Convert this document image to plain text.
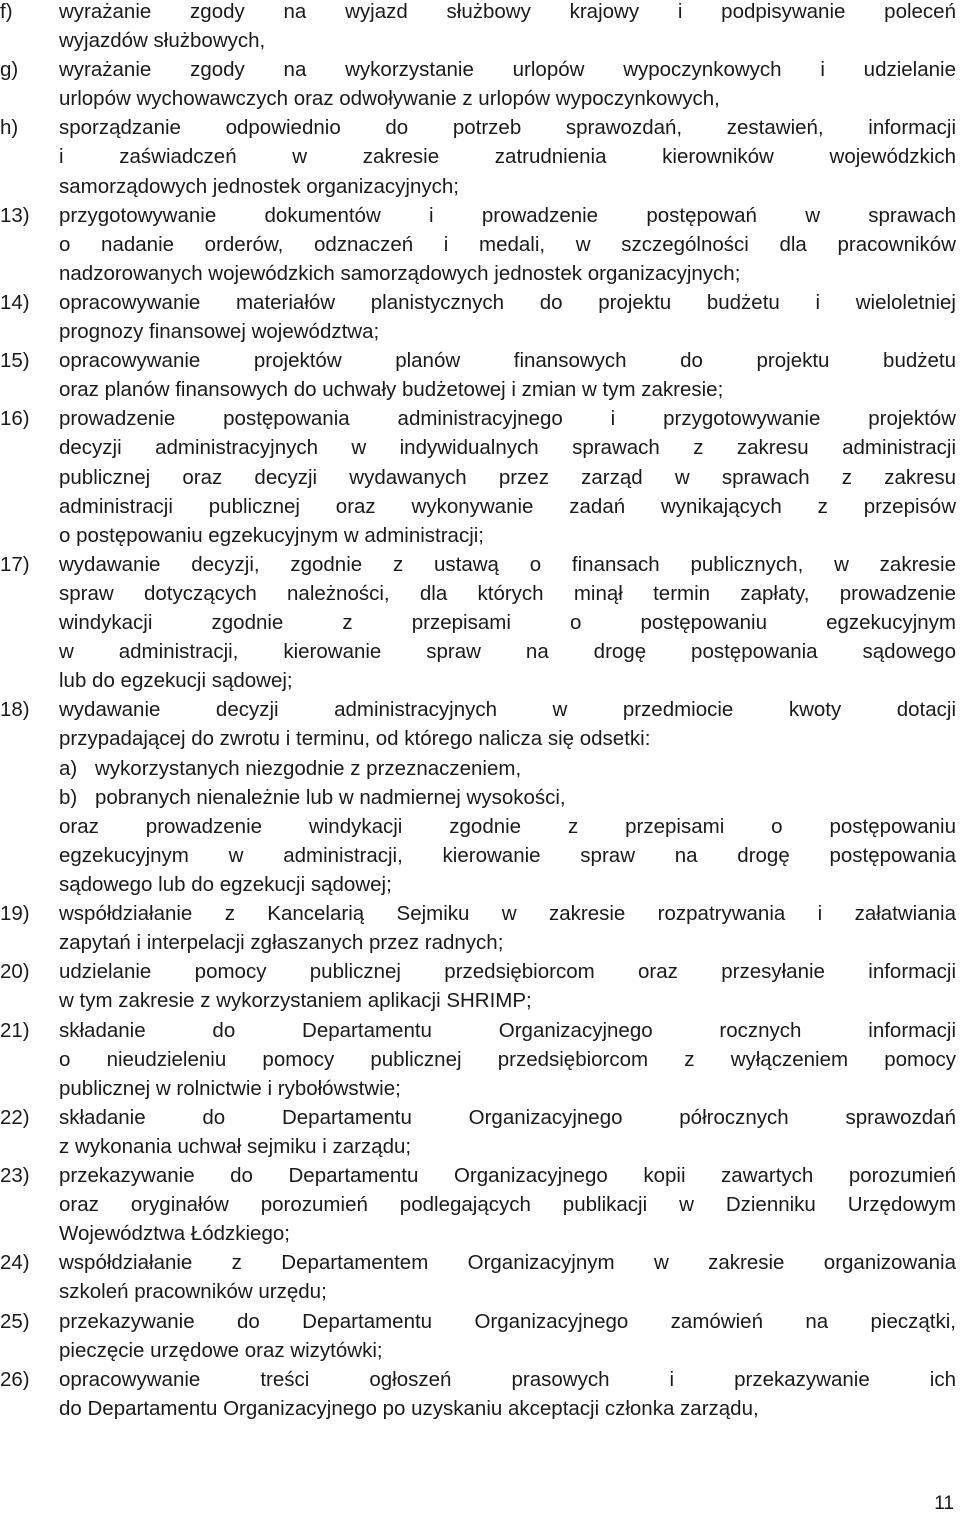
f) wyrażanie zgody na wyjazd służbowy krajowy i podpisywanie poleceń
wyjazdów służbowych,
g) wyrażanie zgody na wykorzystanie urlopów wypoczynkowych i udzielanie
urlopów wychowawczych oraz odwoływanie z urlopów wypoczynkowych,
h) sporządzanie odpowiednio do potrzeb sprawozdań, zestawień, informacji
i zaświadczeń w zakresie zatrudnienia kierowników wojewódzkich
samorządowych jednostek organizacyjnych;
13) przygotowywanie dokumentów i prowadzenie postępowań w sprawach
o nadanie orderów, odznaczeń i medali, w szczególności dla pracowników
nadzorowanych wojewódzkich samorządowych jednostek organizacyjnych;
14) opracowywanie materiałów planistycznych do projektu budżetu i wieloletniej
prognozy finansowej województwa;
15) opracowywanie projektów planów finansowych do projektu budżetu
oraz planów finansowych do uchwały budżetowej i zmian w tym zakresie;
16) prowadzenie postępowania administracyjnego i przygotowywanie projektów
decyzji administracyjnych w indywidualnych sprawach z zakresu administracji
publicznej oraz decyzji wydawanych przez zarząd w sprawach z zakresu
administracji publicznej oraz wykonywanie zadań wynikających z przepisów
o postępowaniu egzekucyjnym w administracji;
17) wydawanie decyzji, zgodnie z ustawą o finansach publicznych, w zakresie
spraw dotyczących należności, dla których minął termin zapłaty, prowadzenie
windykacji zgodnie z przepisami o postępowaniu egzekucyjnym
w administracji, kierowanie spraw na drogę postępowania sądowego
lub do egzekucji sądowej;
18) wydawanie decyzji administracyjnych w przedmiocie kwoty dotacji
przypadającej do zwrotu i terminu, od którego nalicza się odsetki:
a) wykorzystanych niezgodnie z przeznaczeniem,
b) pobranych nienależnie lub w nadmiernej wysokości,
oraz prowadzenie windykacji zgodnie z przepisami o postępowaniu
egzekucyjnym w administracji, kierowanie spraw na drogę postępowania
sądowego lub do egzekucji sądowej;
19) współdziałanie z Kancelarią Sejmiku w zakresie rozpatrywania i załatwiania
zapytań i interpelacji zgłaszanych przez radnych;
20) udzielanie pomocy publicznej przedsiębiorcom oraz przesyłanie informacji
w tym zakresie z wykorzystaniem aplikacji SHRIMP;
21) składanie do Departamentu Organizacyjnego rocznych informacji
o nieudzieleniu pomocy publicznej przedsiębiorcom z wyłączeniem pomocy
publicznej w rolnictwie i rybołówstwie;
22) składanie do Departamentu Organizacyjnego półrocznych sprawozdań
z wykonania uchwał sejmiku i zarządu;
23) przekazywanie do Departamentu Organizacyjnego kopii zawartych porozumień
oraz oryginałów porozumień podlegających publikacji w Dzienniku Urzędowym
Województwa Łódzkiego;
24) współdziałanie z Departamentem Organizacyjnym w zakresie organizowania
szkoleń pracowników urzędu;
25) przekazywanie do Departamentu Organizacyjnego zamówień na pieczątki,
pieczęcie urzędowe oraz wizytówki;
26) opracowywanie treści ogłoszeń prasowych i przekazywanie ich
do Departamentu Organizacyjnego po uzyskaniu akceptacji członka zarządu,
11
